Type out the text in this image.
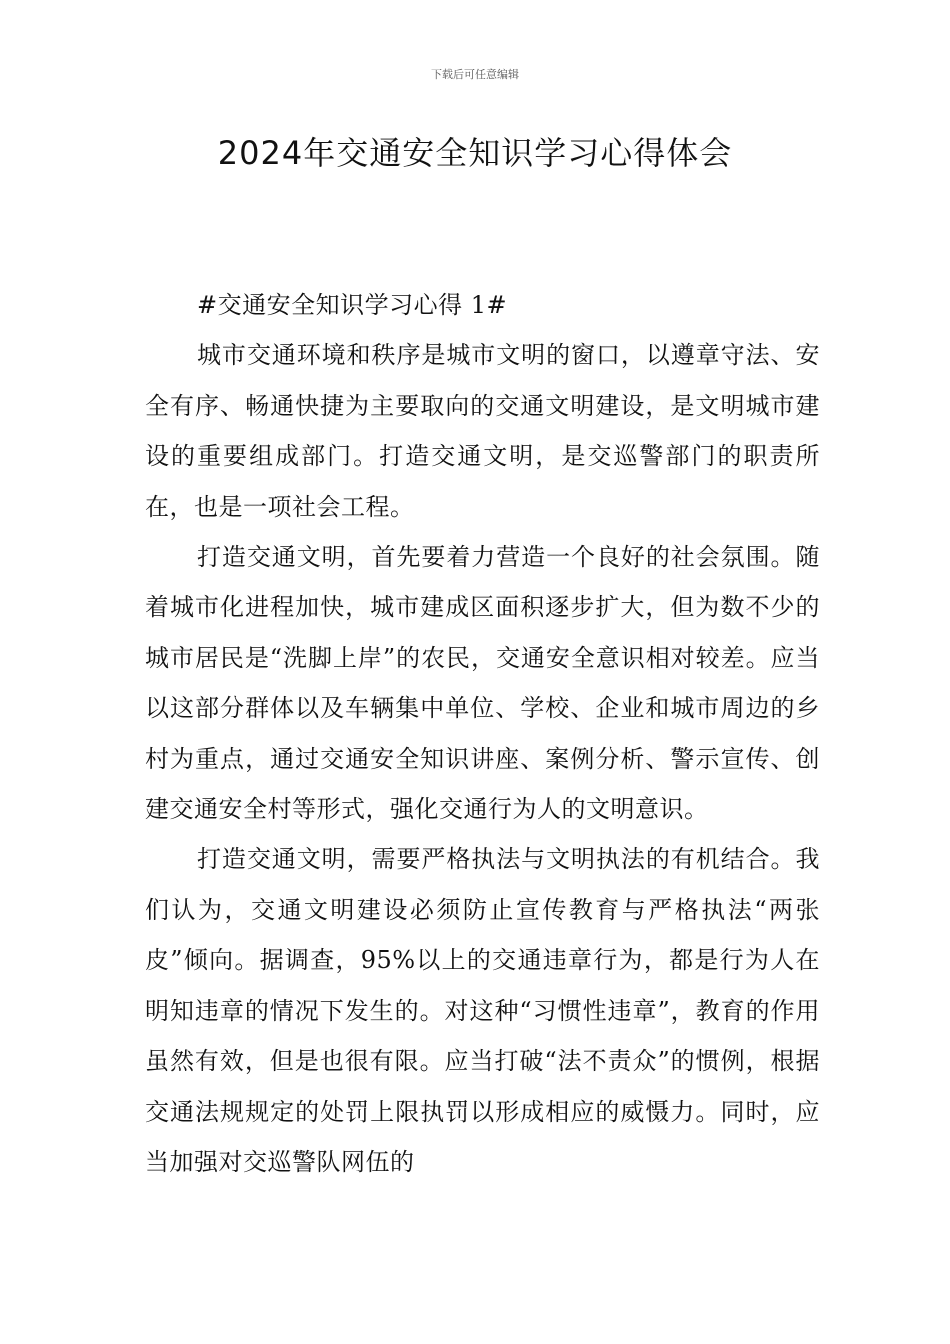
下载后可任意编辑
2024年交通安全知识学习心得体会

#交通安全知识学习心得 1#

城市交通环境和秩序是城市文明的窗口，以遵章守法、安全有序、畅通快捷为主要取向的交通文明建设，是文明城市建设的重要组成部门。打造交通文明，是交巡警部门的职责所在，也是一项社会工程。

打造交通文明，首先要着力营造一个良好的社会氛围。随着城市化进程加快，城市建成区面积逐步扩大，但为数不少的城市居民是“洗脚上岸”的农民，交通安全意识相对较差。应当以这部分群体以及车辆集中单位、学校、企业和城市周边的乡村为重点，通过交通安全知识讲座、案例分析、警示宣传、创建交通安全村等形式，强化交通行为人的文明意识。

打造交通文明，需要严格执法与文明执法的有机结合。我们认为，交通文明建设必须防止宣传教育与严格执法“两张皮”倾向。据调查，95%以上的交通违章行为，都是行为人在明知违章的情况下发生的。对这种“习惯性违章”，教育的作用虽然有效，但是也很有限。应当打破“法不责众”的惯例，根据交通法规规定的处罚上限执罚以形成相应的威慑力。同时，应当加强对交巡警队网伍的
